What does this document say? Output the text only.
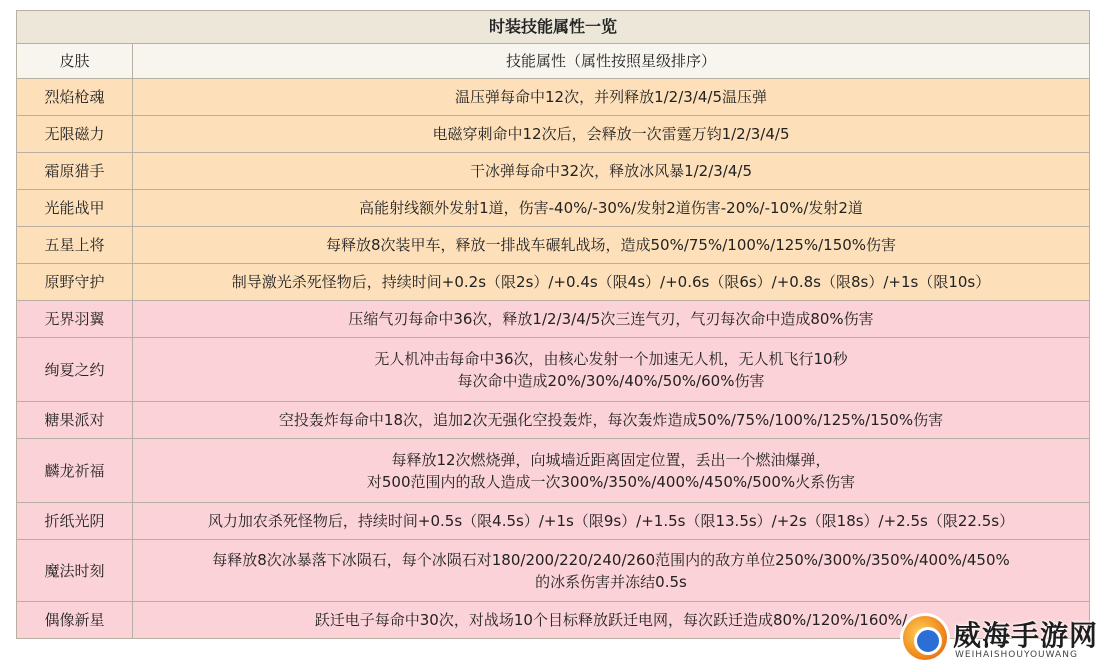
时装技能属性一览	
皮肤	技能属性（属性按照星级排序）
烈焰枪魂	温压弹每命中12次，并列释放1/2/3/4/5温压弹

无限磁力	电磁穿刺命中12次后，会释放一次雷霆万钧1/2/3/4/5

霜原猎手	干冰弹每命中32次，释放冰风暴1/2/3/4/5

光能战甲	高能射线额外发射1道，伤害-40%/-30%/发射2道伤害-20%/-10%/发射2道

五星上将	每释放8次装甲车，释放一排战车碾轧战场，造成50%/75%/100%/125%/150%伤害

原野守护	制导激光杀死怪物后，持续时间+0.2s（限2s）/+0.4s（限4s）/+0.6s（限6s）/+0.8s（限8s）/+1s（限10s）

无界羽翼	压缩气刃每命中36次，释放1/2/3/4/5次三连气刃，气刃每次命中造成80%伤害

绚夏之约	无人机冲击每命中36次，由核心发射一个加速无人机，无人机飞行10秒
每次命中造成20%/30%/40%/50%/60%伤害

糖果派对	空投轰炸每命中18次，追加2次无强化空投轰炸，每次轰炸造成50%/75%/100%/125%/150%伤害

麟龙祈福	每释放12次燃烧弹，向城墙近距离固定位置，丢出一个燃油爆弹，
对500范围内的敌人造成一次300%/350%/400%/450%/500%火系伤害

折纸光阴	风力加农杀死怪物后，持续时间+0.5s（限4.5s）/+1s（限9s）/+1.5s（限13.5s）/+2s（限18s）/+2.5s（限22.5s）

魔法时刻	每释放8次冰暴落下冰陨石，每个冰陨石对180/200/220/240/260范围内的敌方单位250%/300%/350%/400%/450%
的冰系伤害并冻结0.5s

偶像新星	跃迁电子每命中30次，对战场10个目标释放跃迁电网，每次跃迁造成80%/120%/160%/	威海手游网
WEIHAISHOUYOUWANG
